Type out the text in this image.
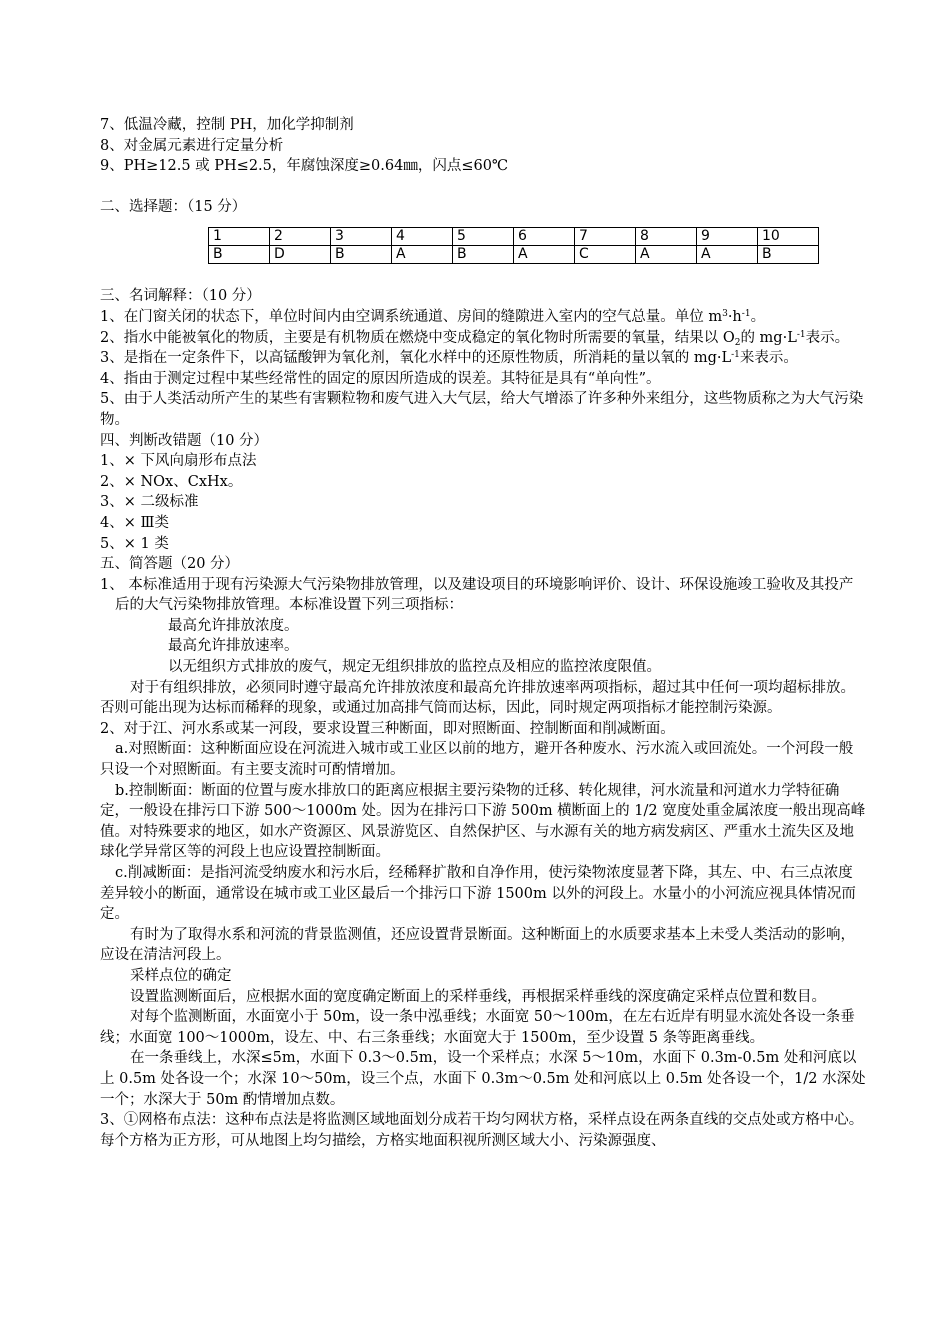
7、低温冷藏，控制 PH，加化学抑制剂

8、对金属元素进行定量分析

9、PH≥12.5 或 PH≤2.5，年腐蚀深度≥0.64㎜，闪点≤60℃

二、选择题：（15 分）

1	2	3	4	5	6	7	8	9	10
B	D	B	A	B	A	C	A	A	B

三、名词解释：（10 分）

1、在门窗关闭的状态下，单位时间内由空调系统通道、房间的缝隙进入室内的空气总量。单位 $m^3\cdot h^{-1}$。

2、指水中能被氧化的物质，主要是有机物质在燃烧中变成稳定的氧化物时所需要的氧量，结果以 $O_2$的 $mg\cdot L^{-1}$表示。

3、是指在一定条件下，以高锰酸钾为氧化剂，氧化水样中的还原性物质，所消耗的量以氧的 $mg\cdot L^{-1}$来表示。

4、指由于测定过程中某些经常性的固定的原因所造成的误差。其特征是具有“单向性”。

5、由于人类活动所产生的某些有害颗粒物和废气进入大气层，给大气增添了许多种外来组分，这些物质称之为大气污染物。

四、判断改错题（10 分）

1、× 下风向扇形布点法

2、× NOx、CxHx。

3、× 二级标准

4、× Ⅲ类

5、× 1 类

五、简答题（20 分）

1、 本标准适用于现有污染源大气污染物排放管理，以及建设项目的环境影响评价、设计、环保设施竣工验收及其投产后的大气污染物排放管理。本标准设置下列三项指标：

最高允许排放浓度。

最高允许排放速率。

以无组织方式排放的废气，规定无组织排放的监控点及相应的监控浓度限值。

对于有组织排放，必须同时遵守最高允许排放浓度和最高允许排放速率两项指标，超过其中任何一项均超标排放。否则可能出现为达标而稀释的现象，或通过加高排气筒而达标，因此，同时规定两项指标才能控制污染源。

2、对于江、河水系或某一河段，要求设置三种断面，即对照断面、控制断面和削减断面。

a.对照断面：这种断面应设在河流进入城市或工业区以前的地方，避开各种废水、污水流入或回流处。一个河段一般只设一个对照断面。有主要支流时可酌情增加。

b.控制断面：断面的位置与废水排放口的距离应根据主要污染物的迁移、转化规律，河水流量和河道水力学特征确定，一般设在排污口下游 500～1000m 处。因为在排污口下游 500m 横断面上的 1/2 宽度处重金属浓度一般出现高峰值。对特殊要求的地区，如水产资源区、风景游览区、自然保护区、与水源有关的地方病发病区、严重水土流失区及地球化学异常区等的河段上也应设置控制断面。

c.削减断面：是指河流受纳废水和污水后，经稀释扩散和自净作用，使污染物浓度显著下降，其左、中、右三点浓度差异较小的断面，通常设在城市或工业区最后一个排污口下游 1500m 以外的河段上。水量小的小河流应视具体情况而定。

有时为了取得水系和河流的背景监测值，还应设置背景断面。这种断面上的水质要求基本上未受人类活动的影响，应设在清洁河段上。

采样点位的确定

设置监测断面后，应根据水面的宽度确定断面上的采样垂线，再根据采样垂线的深度确定采样点位置和数目。

对每个监测断面，水面宽小于 50m，设一条中泓垂线；水面宽 50～100m，在左右近岸有明显水流处各设一条垂线；水面宽 100～1000m，设左、中、右三条垂线；水面宽大于 1500m，至少设置 5 条等距离垂线。

在一条垂线上，水深≤5m，水面下 0.3～0.5m，设一个采样点；水深 5～10m，水面下 0.3m-0.5m 处和河底以上 0.5m 处各设一个；水深 10～50m，设三个点，水面下 0.3m～0.5m 处和河底以上 0.5m 处各设一个，1/2 水深处一个；水深大于 50m 酌情增加点数。

3、①网格布点法：这种布点法是将监测区域地面划分成若干均匀网状方格，采样点设在两条直线的交点处或方格中心。每个方格为正方形，可从地图上均匀描绘，方格实地面积视所测区域大小、污染源强度、
